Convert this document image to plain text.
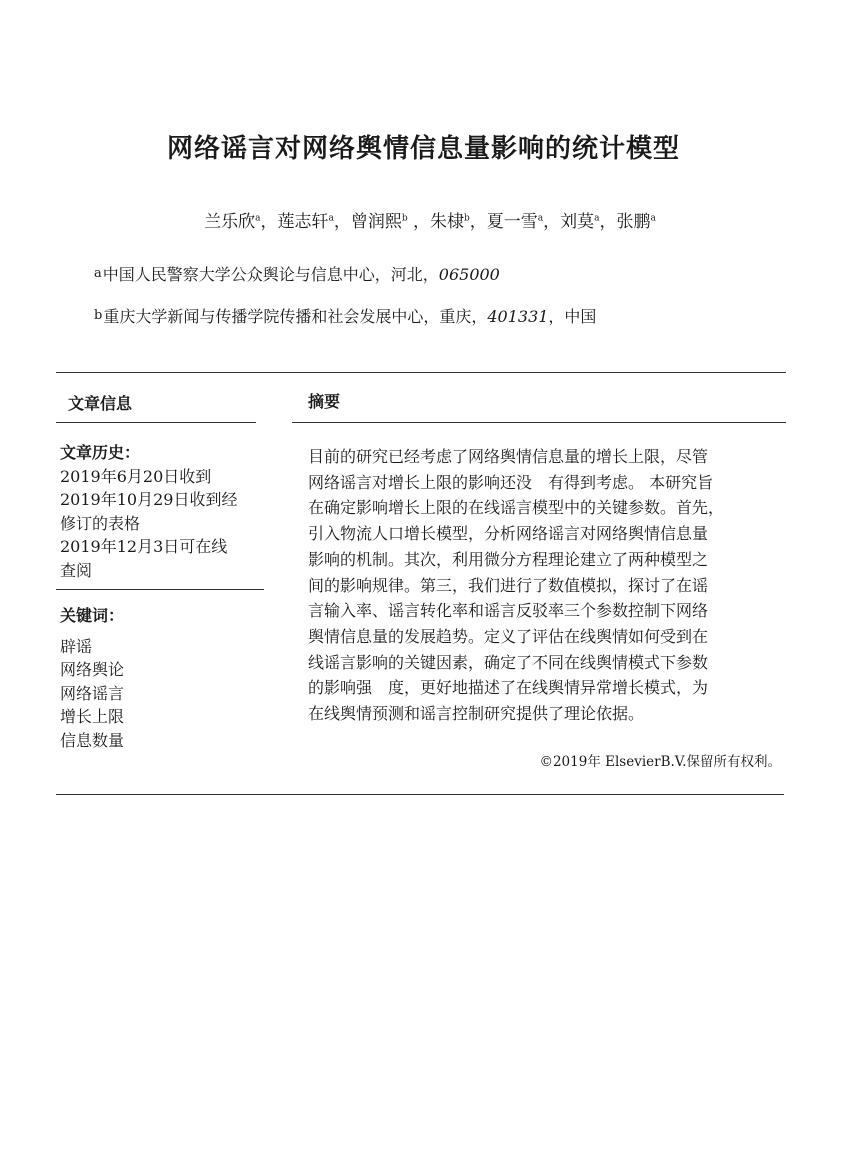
网络谣言对网络舆情信息量影响的统计模型
兰乐欣$^a$，莲志轩$^a$，曾润熙$^b$ ，朱棣$^b$，夏一雪$^a$，刘莫$^a$，张鹏$^a$
a中国人民警察大学公众舆论与信息中心，河北，065000
b重庆大学新闻与传播学院传播和社会发展中心，重庆，401331，中国
文章信息	摘要
文章历史：
2019年6月20日收到
2019年10月29日收到经
修订的表格
2019年12月3日可在线
查阅
关键词：
辟谣
网络舆论
网络谣言
增长上限
信息数量
目前的研究已经考虑了网络舆情信息量的增长上限，尽管
网络谣言对增长上限的影响还没　有得到考虑。 本研究旨
在确定影响增长上限的在线谣言模型中的关键参数。首先，
引入物流人口增长模型，分析网络谣言对网络舆情信息量
影响的机制。其次，利用微分方程理论建立了两种模型之
间的影响规律。第三，我们进行了数值模拟，探讨了在谣
言输入率、谣言转化率和谣言反驳率三个参数控制下网络
舆情信息量的发展趋势。定义了评估在线舆情如何受到在
线谣言影响的关键因素，确定了不同在线舆情模式下参数
的影响强　度，更好地描述了在线舆情异常增长模式，为
在线舆情预测和谣言控制研究提供了理论依据。
©2019年 ElsevierB.V.保留所有权利。
